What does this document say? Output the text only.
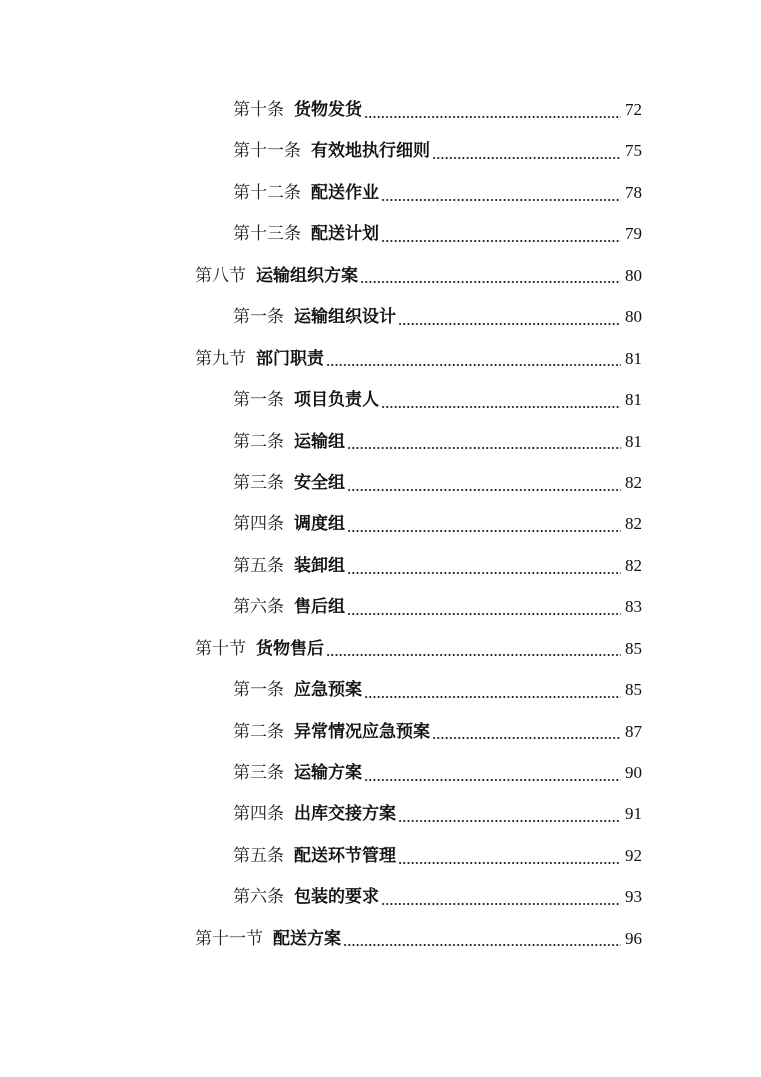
第十条 货物发货	72
第十一条 有效地执行细则	75
第十二条 配送作业	78
第十三条 配送计划	79
第八节 运输组织方案	80
第一条 运输组织设计	80
第九节 部门职责	81
第一条 项目负责人	81
第二条 运输组	81
第三条 安全组	82
第四条 调度组	82
第五条 装卸组	82
第六条 售后组	83
第十节 货物售后	85
第一条 应急预案	85
第二条 异常情况应急预案	87
第三条 运输方案	90
第四条 出库交接方案	91
第五条 配送环节管理	92
第六条 包装的要求	93
第十一节 配送方案	96
